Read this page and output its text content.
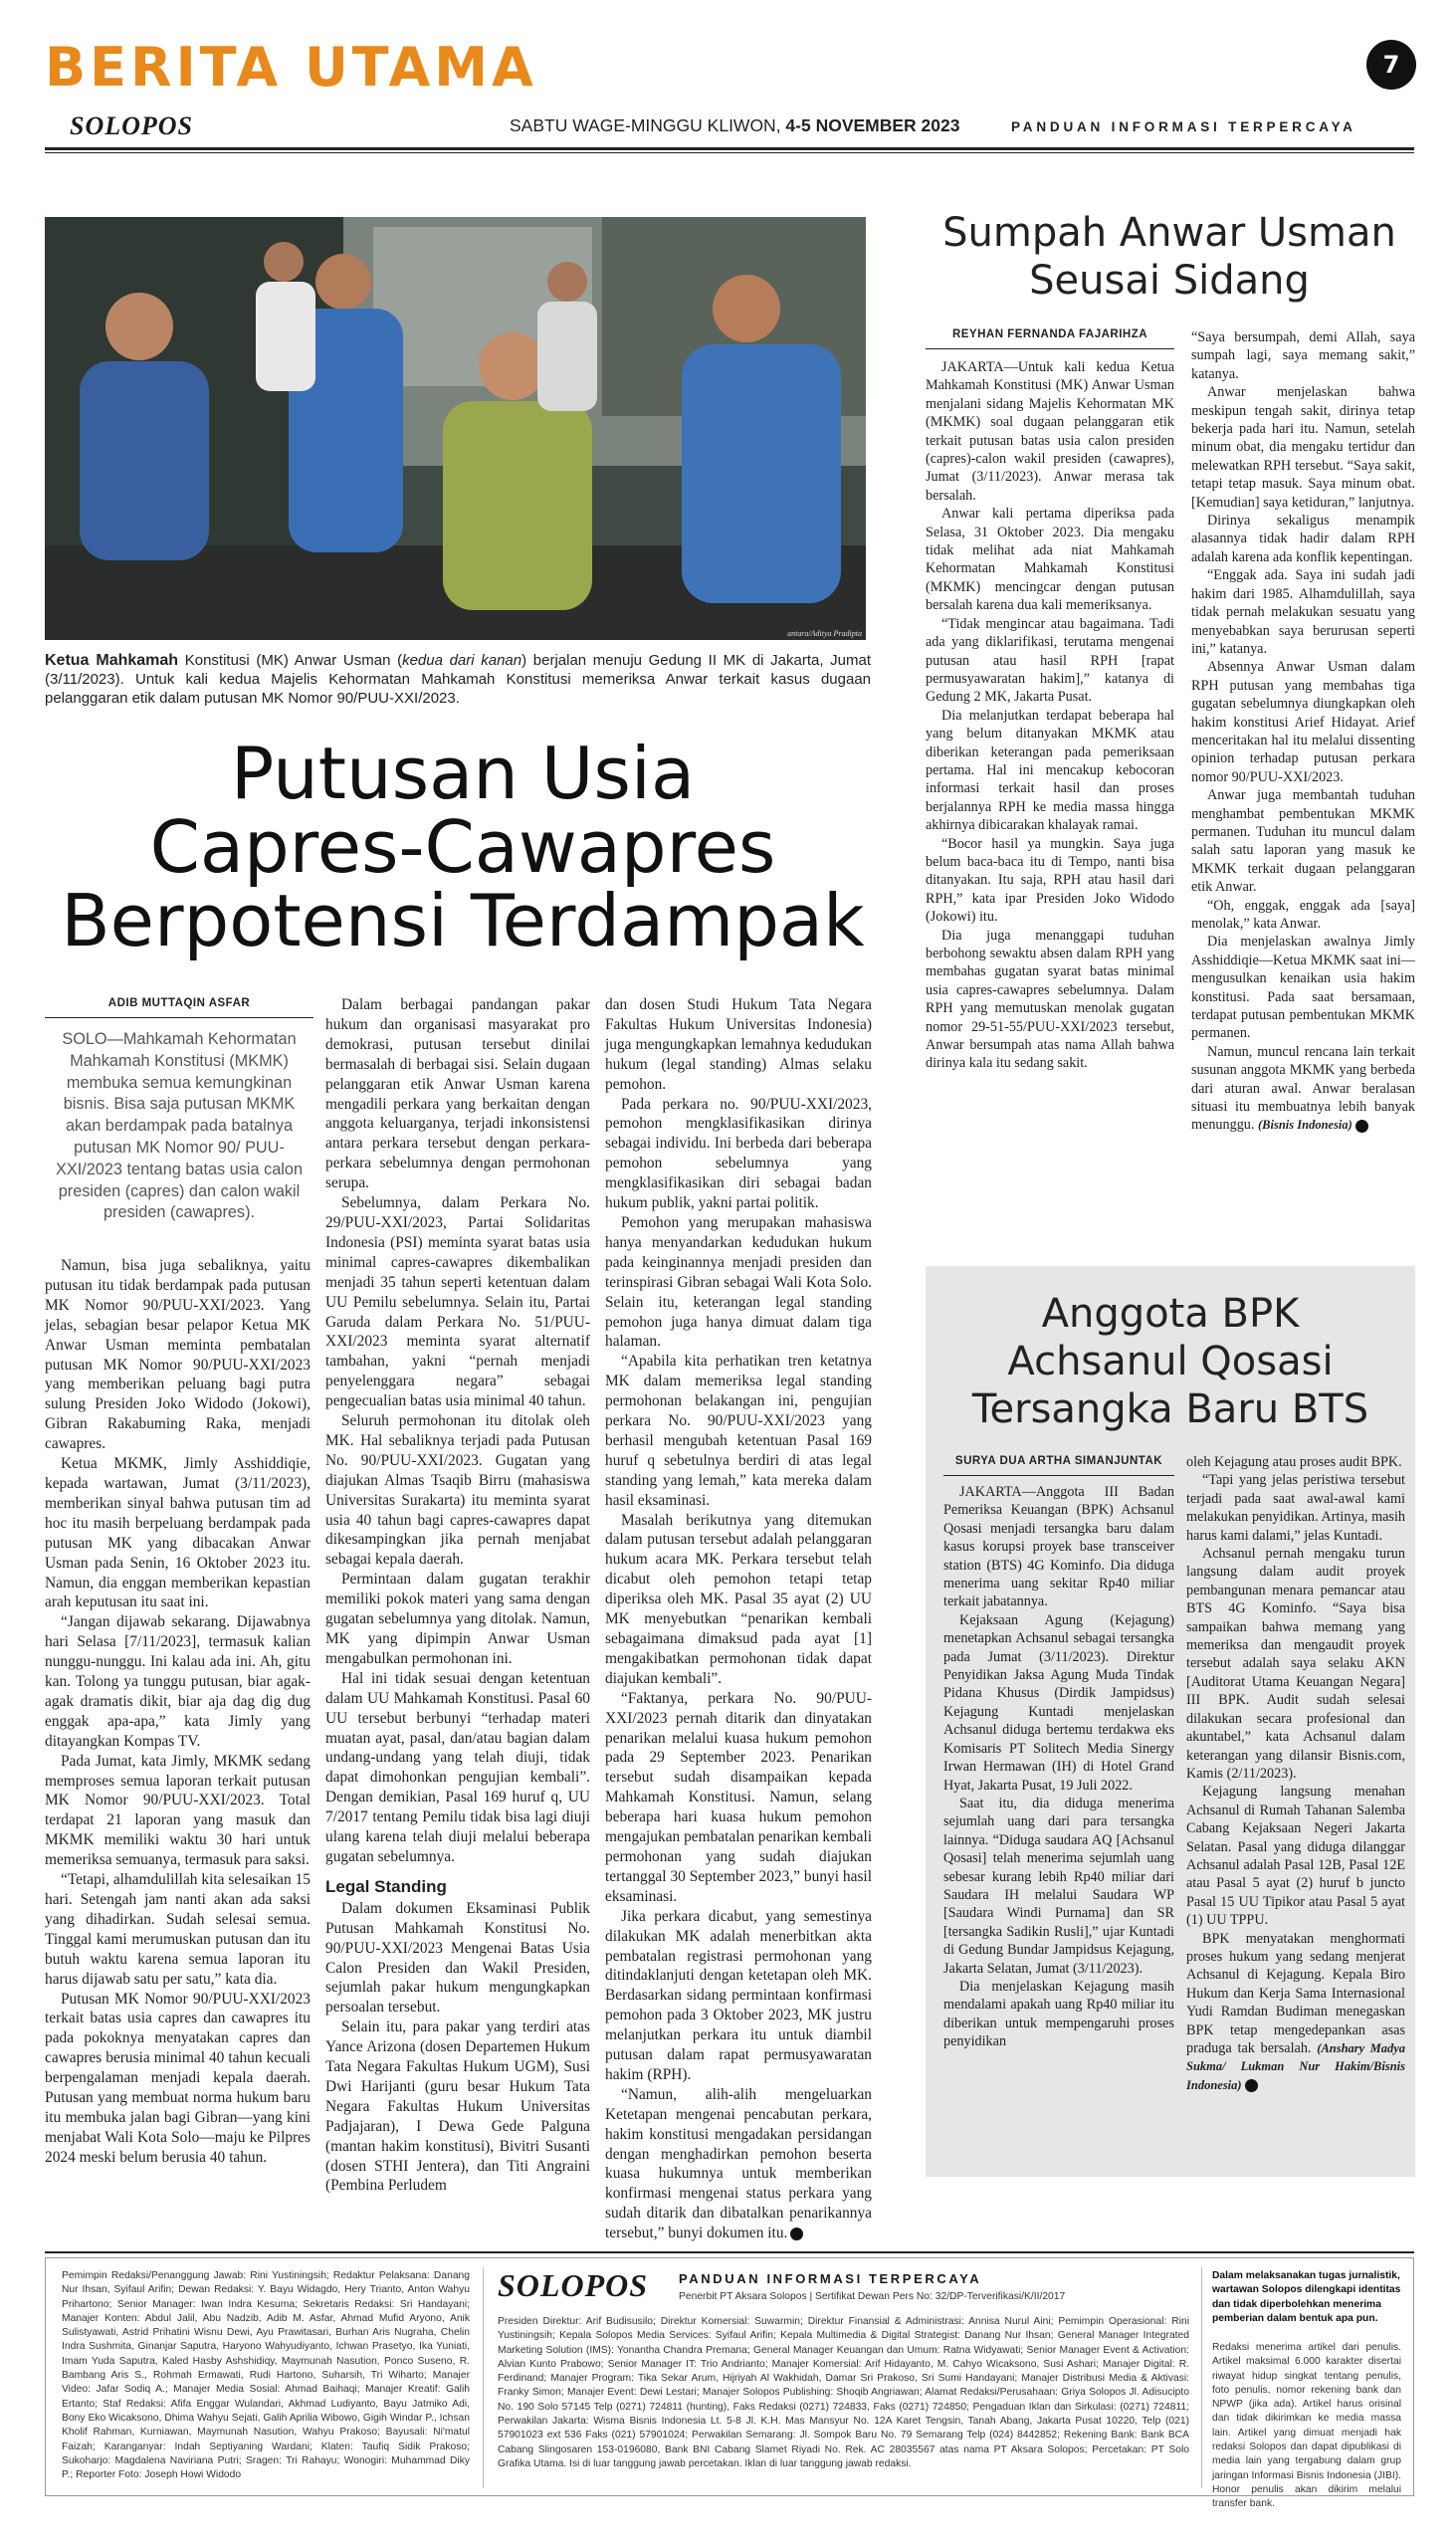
BERITA UTAMA	7
SOLOPOS	SABTU WAGE-MINGGU KLIWON, 4-5 NOVEMBER 2023	PANDUAN INFORMASI TERPERCAYA
antara/Aditya Pradipta
Ketua Mahkamah Konstitusi (MK) Anwar Usman (kedua dari kanan) berjalan menuju Gedung II MK di Jakarta, Jumat (3/11/2023). Untuk kali kedua Majelis Kehormatan Mahkamah Konstitusi memeriksa Anwar terkait kasus dugaan pelanggaran etik dalam putusan MK Nomor 90/PUU-XXI/2023.
Putusan Usia
Capres-Cawapres
Berpotensi Terdampak
ADIB MUTTAQIN ASFAR
SOLO—Mahkamah Kehormatan Mahkamah Konstitusi (MKMK) membuka semua kemungkinan bisnis. Bisa saja putusan MKMK akan berdampak pada batalnya putusan MK Nomor 90/ PUU-XXI/2023 tentang batas usia calon presiden (capres) dan calon wakil presiden (cawapres).

Namun, bisa juga sebaliknya, yaitu putusan itu tidak berdampak pada putusan MK Nomor 90/PUU-XXI/2023. Yang jelas, sebagian besar pelapor Ketua MK Anwar Usman meminta pembatalan putusan MK Nomor 90/PUU-XXI/2023 yang memberikan peluang bagi putra sulung Presiden Joko Widodo (Jokowi), Gibran Rakabuming Raka, menjadi cawapres.

Ketua MKMK, Jimly Asshiddiqie, kepada wartawan, Jumat (3/11/2023), memberikan sinyal bahwa putusan tim ad hoc itu masih berpeluang berdampak pada putusan MK yang dibacakan Anwar Usman pada Senin, 16 Oktober 2023 itu. Namun, dia enggan memberikan kepastian arah keputusan itu saat ini.

“Jangan dijawab sekarang. Dijawabnya hari Selasa [7/11/2023], termasuk kalian nunggu-nunggu. Ini kalau ada ini. Ah, gitu kan. Tolong ya tunggu putusan, biar agak-agak dramatis dikit, biar aja dag dig dug enggak apa-apa,” kata Jimly yang ditayangkan Kompas TV.

Pada Jumat, kata Jimly, MKMK sedang memproses semua laporan terkait putusan MK Nomor 90/PUU-XXI/2023. Total terdapat 21 laporan yang masuk dan MKMK memiliki waktu 30 hari untuk memeriksa semuanya, termasuk para saksi.

“Tetapi, alhamdulillah kita selesaikan 15 hari. Setengah jam nanti akan ada saksi yang dihadirkan. Sudah selesai semua. Tinggal kami merumuskan putusan dan itu butuh waktu karena semua laporan itu harus dijawab satu per satu,” kata dia.

Putusan MK Nomor 90/PUU-XXI/2023 terkait batas usia capres dan cawapres itu pada pokoknya menyatakan capres dan cawapres berusia minimal 40 tahun kecuali berpengalaman menjadi kepala daerah. Putusan yang membuat norma hukum baru itu membuka jalan bagi Gibran—yang kini menjabat Wali Kota Solo—maju ke Pilpres 2024 meski belum berusia 40 tahun.

Dalam berbagai pandangan pakar hukum dan organisasi masyarakat pro demokrasi, putusan tersebut dinilai bermasalah di berbagai sisi. Selain dugaan pelanggaran etik Anwar Usman karena mengadili perkara yang berkaitan dengan anggota keluarganya, terjadi inkonsistensi antara perkara tersebut dengan perkara-perkara sebelumnya dengan permohonan serupa.

Sebelumnya, dalam Perkara No. 29/PUU-XXI/2023, Partai Solidaritas Indonesia (PSI) meminta syarat batas usia minimal capres-cawapres dikembalikan menjadi 35 tahun seperti ketentuan dalam UU Pemilu sebelumnya. Selain itu, Partai Garuda dalam Perkara No. 51/PUU-XXI/2023 meminta syarat alternatif tambahan, yakni “pernah menjadi penyelenggara negara” sebagai pengecualian batas usia minimal 40 tahun.

Seluruh permohonan itu ditolak oleh MK. Hal sebaliknya terjadi pada Putusan No. 90/PUU-XXI/2023. Gugatan yang diajukan Almas Tsaqib Birru (mahasiswa Universitas Surakarta) itu meminta syarat usia 40 tahun bagi capres-cawapres dapat dikesampingkan jika pernah menjabat sebagai kepala daerah.

Permintaan dalam gugatan terakhir memiliki pokok materi yang sama dengan gugatan sebelumnya yang ditolak. Namun, MK yang dipimpin Anwar Usman mengabulkan permohonan ini.

Hal ini tidak sesuai dengan ketentuan dalam UU Mahkamah Konstitusi. Pasal 60 UU tersebut berbunyi “terhadap materi muatan ayat, pasal, dan/atau bagian dalam undang-undang yang telah diuji, tidak dapat dimohonkan pengujian kembali”. Dengan demikian, Pasal 169 huruf q, UU 7/2017 tentang Pemilu tidak bisa lagi diuji ulang karena telah diuji melalui beberapa gugatan sebelumnya.

Legal Standing

Dalam dokumen Eksaminasi Publik Putusan Mahkamah Konstitusi No. 90/PUU-XXI/2023 Mengenai Batas Usia Calon Presiden dan Wakil Presiden, sejumlah pakar hukum mengungkapkan persoalan tersebut.

Selain itu, para pakar yang terdiri atas Yance Arizona (dosen Departemen Hukum Tata Negara Fakultas Hukum UGM), Susi Dwi Harijanti (guru besar Hukum Tata Negara Fakultas Hukum Universitas Padjajaran), I Dewa Gede Palguna (mantan hakim konstitusi), Bivitri Susanti (dosen STHI Jentera), dan Titi Angraini (Pembina Perludem

dan dosen Studi Hukum Tata Negara Fakultas Hukum Universitas Indonesia) juga mengungkapkan lemahnya kedudukan hukum (legal standing) Almas selaku pemohon.

Pada perkara no. 90/PUU-XXI/2023, pemohon mengklasifikasikan dirinya sebagai individu. Ini berbeda dari beberapa pemohon sebelumnya yang mengklasifikasikan diri sebagai badan hukum publik, yakni partai politik.

Pemohon yang merupakan mahasiswa hanya menyandarkan kedudukan hukum pada keinginannya menjadi presiden dan terinspirasi Gibran sebagai Wali Kota Solo. Selain itu, keterangan legal standing pemohon juga hanya dimuat dalam tiga halaman.

“Apabila kita perhatikan tren ketatnya MK dalam memeriksa legal standing permohonan belakangan ini, pengujian perkara No. 90/PUU-XXI/2023 yang berhasil mengubah ketentuan Pasal 169 huruf q sebetulnya berdiri di atas legal standing yang lemah,” kata mereka dalam hasil eksaminasi.

Masalah berikutnya yang ditemukan dalam putusan tersebut adalah pelanggaran hukum acara MK. Perkara tersebut telah dicabut oleh pemohon tetapi tetap diperiksa oleh MK. Pasal 35 ayat (2) UU MK menyebutkan “penarikan kembali sebagaimana dimaksud pada ayat [1] mengakibatkan permohonan tidak dapat diajukan kembali”.

“Faktanya, perkara No. 90/PUU-XXI/2023 pernah ditarik dan dinyatakan penarikan melalui kuasa hukum pemohon pada 29 September 2023. Penarikan tersebut sudah disampaikan kepada Mahkamah Konstitusi. Namun, selang beberapa hari kuasa hukum pemohon mengajukan pembatalan penarikan kembali permohonan yang sudah diajukan tertanggal 30 September 2023,” bunyi hasil eksaminasi.

Jika perkara dicabut, yang semestinya dilakukan MK adalah menerbitkan akta pembatalan registrasi permohonan yang ditindaklanjuti dengan ketetapan oleh MK. Berdasarkan sidang permintaan konfirmasi pemohon pada 3 Oktober 2023, MK justru melanjutkan perkara itu untuk diambil putusan dalam rapat permusyawaratan hakim (RPH).

“Namun, alih-alih mengeluarkan Ketetapan mengenai pencabutan perkara, hakim konstitusi mengadakan persidangan dengan menghadirkan pemohon beserta kuasa hukumnya untuk memberikan konfirmasi mengenai status perkara yang sudah ditarik dan dibatalkan penarikannya tersebut,” bunyi dokumen itu.

Sumpah Anwar Usman
Seusai Sidang
REYHAN FERNANDA FAJARIHZA

JAKARTA—Untuk kali kedua Ketua Mahkamah Konstitusi (MK) Anwar Usman menjalani sidang Majelis Kehormatan MK (MKMK) soal dugaan pelanggaran etik terkait putusan batas usia calon presiden (capres)-calon wakil presiden (cawapres), Jumat (3/11/2023). Anwar merasa tak bersalah.

Anwar kali pertama diperiksa pada Selasa, 31 Oktober 2023. Dia mengaku tidak melihat ada niat Mahkamah Kehormatan Mahkamah Konstitusi (MKMK) mencingcar dengan putusan bersalah karena dua kali memeriksanya.

“Tidak mengincar atau bagaimana. Tadi ada yang diklarifikasi, terutama mengenai putusan atau hasil RPH [rapat permusyawaratan hakim],” katanya di Gedung 2 MK, Jakarta Pusat.

Dia melanjutkan terdapat beberapa hal yang belum ditanyakan MKMK atau diberikan keterangan pada pemeriksaan pertama. Hal ini mencakup kebocoran informasi terkait hasil dan proses berjalannya RPH ke media massa hingga akhirnya dibicarakan khalayak ramai.

“Bocor hasil ya mungkin. Saya juga belum baca-baca itu di Tempo, nanti bisa ditanyakan. Itu saja, RPH atau hasil dari RPH,” kata ipar Presiden Joko Widodo (Jokowi) itu.

Dia juga menanggapi tuduhan berbohong sewaktu absen dalam RPH yang membahas gugatan syarat batas minimal usia capres-cawapres sebelumnya. Dalam RPH yang memutuskan menolak gugatan nomor 29-51-55/PUU-XXI/2023 tersebut, Anwar bersumpah atas nama Allah bahwa dirinya kala itu sedang sakit.

“Saya bersumpah, demi Allah, saya sumpah lagi, saya memang sakit,” katanya.

Anwar menjelaskan bahwa meskipun tengah sakit, dirinya tetap bekerja pada hari itu. Namun, setelah minum obat, dia mengaku tertidur dan melewatkan RPH tersebut. “Saya sakit, tetapi tetap masuk. Saya minum obat. [Kemudian] saya ketiduran,” lanjutnya.

Dirinya sekaligus menampik alasannya tidak hadir dalam RPH adalah karena ada konflik kepentingan.

“Enggak ada. Saya ini sudah jadi hakim dari 1985. Alhamdulillah, saya tidak pernah melakukan sesuatu yang menyebabkan saya berurusan seperti ini,” katanya.

Absennya Anwar Usman dalam RPH putusan yang membahas tiga gugatan sebelumnya diungkapkan oleh hakim konstitusi Arief Hidayat. Arief menceritakan hal itu melalui dissenting opinion terhadap putusan perkara nomor 90/PUU-XXI/2023.

Anwar juga membantah tuduhan menghambat pembentukan MKMK permanen. Tuduhan itu muncul dalam salah satu laporan yang masuk ke MKMK terkait dugaan pelanggaran etik Anwar.

“Oh, enggak, enggak ada [saya] menolak,” kata Anwar.

Dia menjelaskan awalnya Jimly Asshiddiqie—Ketua MKMK saat ini—mengusulkan kenaikan usia hakim konstitusi. Pada saat bersamaan, terdapat putusan pembentukan MKMK permanen.

Namun, muncul rencana lain terkait susunan anggota MKMK yang berbeda dari aturan awal. Anwar beralasan situasi itu membuatnya lebih banyak menunggu. (Bisnis Indonesia)

Anggota BPK
Achsanul Qosasi
Tersangka Baru BTS
SURYA DUA ARTHA SIMANJUNTAK

JAKARTA—Anggota III Badan Pemeriksa Keuangan (BPK) Achsanul Qosasi menjadi tersangka baru dalam kasus korupsi proyek base transceiver station (BTS) 4G Kominfo. Dia diduga menerima uang sekitar Rp40 miliar terkait jabatannya.

Kejaksaan Agung (Kejagung) menetapkan Achsanul sebagai tersangka pada Jumat (3/11/2023). Direktur Penyidikan Jaksa Agung Muda Tindak Pidana Khusus (Dirdik Jampidsus) Kejagung Kuntadi menjelaskan Achsanul diduga bertemu terdakwa eks Komisaris PT Solitech Media Sinergy Irwan Hermawan (IH) di Hotel Grand Hyat, Jakarta Pusat, 19 Juli 2022.

Saat itu, dia diduga menerima sejumlah uang dari para tersangka lainnya. “Diduga saudara AQ [Achsanul Qosasi] telah menerima sejumlah uang sebesar kurang lebih Rp40 miliar dari Saudara IH melalui Saudara WP [Saudara Windi Purnama] dan SR [tersangka Sadikin Rusli],” ujar Kuntadi di Gedung Bundar Jampidsus Kejagung, Jakarta Selatan, Jumat (3/11/2023).

Dia menjelaskan Kejagung masih mendalami apakah uang Rp40 miliar itu diberikan untuk mempengaruhi proses penyidikan

oleh Kejagung atau proses audit BPK.

“Tapi yang jelas peristiwa tersebut terjadi pada saat awal-awal kami melakukan penyidikan. Artinya, masih harus kami dalami,” jelas Kuntadi.

Achsanul pernah mengaku turun langsung dalam audit proyek pembangunan menara pemancar atau BTS 4G Kominfo. “Saya bisa sampaikan bahwa memang yang memeriksa dan mengaudit proyek tersebut adalah saya selaku AKN [Auditorat Utama Keuangan Negara] III BPK. Audit sudah selesai dilakukan secara profesional dan akuntabel,” kata Achsanul dalam keterangan yang dilansir Bisnis.com, Kamis (2/11/2023).

Kejagung langsung menahan Achsanul di Rumah Tahanan Salemba Cabang Kejaksaan Negeri Jakarta Selatan. Pasal yang diduga dilanggar Achsanul adalah Pasal 12B, Pasal 12E atau Pasal 5 ayat (2) huruf b juncto Pasal 15 UU Tipikor atau Pasal 5 ayat (1) UU TPPU.

BPK menyatakan menghormati proses hukum yang sedang menjerat Achsanul di Kejagung. Kepala Biro Hukum dan Kerja Sama Internasional Yudi Ramdan Budiman menegaskan BPK tetap mengedepankan asas praduga tak bersalah. (Anshary Madya Sukma/ Lukman Nur Hakim/Bisnis Indonesia)

Pemimpin Redaksi/Penanggung Jawab: Rini Yustiningsih; Redaktur Pelaksana: Danang Nur Ihsan, Syifaul Arifin; Dewan Redaksi: Y. Bayu Widagdo, Hery Trianto, Anton Wahyu Prihartono; Senior Manager: Iwan Indra Kesuma; Sekretaris Redaksi: Sri Handayani; Manajer Konten: Abdul Jalil, Abu Nadzib, Adib M. Asfar, Ahmad Mufid Aryono, Anik Sulistyawati, Astrid Prihatini Wisnu Dewi, Ayu Prawitasari, Burhan Aris Nugraha, Chelin Indra Sushmita, Ginanjar Saputra, Haryono Wahyudiyanto, Ichwan Prasetyo, Ika Yuniati, Imam Yuda Saputra, Kaled Hasby Ashshidiqy, Maymunah Nasution, Ponco Suseno, R. Bambang Aris S., Rohmah Ermawati, Rudi Hartono, Suharsih, Tri Wiharto; Manajer Video: Jafar Sodiq A.; Manajer Media Sosial: Ahmad Baihaqi; Manajer Kreatif: Galih Ertanto; Staf Redaksi: Afifa Enggar Wulandari, Akhmad Ludiyanto, Bayu Jatmiko Adi, Bony Eko Wicaksono, Dhima Wahyu Sejati, Galih Aprilia Wibowo, Gigih Windar P., Ichsan Kholif Rahman, Kurniawan, Maymunah Nasution, Wahyu Prakoso; Bayusali: Ni'matul Faizah; Karanganyar: Indah Septiyaning Wardani; Klaten: Taufiq Sidik Prakoso; Sukoharjo: Magdalena Naviriana Putri; Sragen: Tri Rahayu; Wonogiri: Muhammad Diky P.; Reporter Foto: Joseph Howi Widodo
SOLOPOS PANDUAN INFORMASI TERPERCAYA
Penerbit PT Aksara Solopos | Sertifikat Dewan Pers No: 32/DP-Terverifikasi/K/II/2017
Presiden Direktur: Arif Budisusilo; Direktur Komersial: Suwarmin; Direktur Finansial & Administrasi: Annisa Nurul Aini; Pemimpin Operasional: Rini Yustiningsih; Kepala Solopos Media Services: Syifaul Arifin; Kepala Multimedia & Digital Strategist: Danang Nur Ihsan; General Manager Integrated Marketing Solution (IMS): Yonantha Chandra Premana; General Manager Keuangan dan Umum: Ratna Widyawati; Senior Manager Event & Activation: Alvian Kunto Prabowo; Senior Manager IT: Trio Andrianto; Manajer Komersial: Arif Hidayanto, M. Cahyo Wicaksono, Susi Ashari; Manajer Digital: R. Ferdinand; Manajer Program: Tika Sekar Arum, Hijriyah Al Wakhidah, Damar Sri Prakoso, Sri Sumi Handayani; Manajer Distribusi Media & Aktivasi: Franky Simon; Manajer Event: Dewi Lestari; Manajer Solopos Publishing: Shoqib Angriawan; Alamat Redaksi/Perusahaan: Griya Solopos Jl. Adisucipto No. 190 Solo 57145 Telp (0271) 724811 (hunting), Faks Redaksi (0271) 724833, Faks (0271) 724850; Pengaduan Iklan dan Sirkulasi: (0271) 724811; Perwakilan Jakarta: Wisma Bisnis Indonesia Lt. 5-8 Jl. K.H. Mas Mansyur No. 12A Karet Tengsin, Tanah Abang, Jakarta Pusat 10220, Telp (021) 57901023 ext 536 Faks (021) 57901024; Perwakilan Semarang: Jl. Sompok Baru No. 79 Semarang Telp (024) 8442852; Rekening Bank: Bank BCA Cabang Slingosaren 153-0196080, Bank BNI Cabang Slamet Riyadi No. Rek. AC 28035567 atas nama PT Aksara Solopos; Percetakan: PT Solo Grafika Utama. Isi di luar tanggung jawab percetakan. Iklan di luar tanggung jawab redaksi.
Dalam melaksanakan tugas jurnalistik, wartawan Solopos dilengkapi identitas dan tidak diperbolehkan menerima pemberian dalam bentuk apa pun.
Redaksi menerima artikel dari penulis. Artikel maksimal 6.000 karakter disertai riwayat hidup singkat tentang penulis, foto penulis, nomor rekening bank dan NPWP (jika ada). Artikel harus orisinal dan tidak dikirimkan ke media massa lain. Artikel yang dimuat menjadi hak redaksi Solopos dan dapat dipublikasi di media lain yang tergabung dalam grup jaringan Informasi Bisnis Indonesia (JIBI). Honor penulis akan dikirim melalui transfer bank.
